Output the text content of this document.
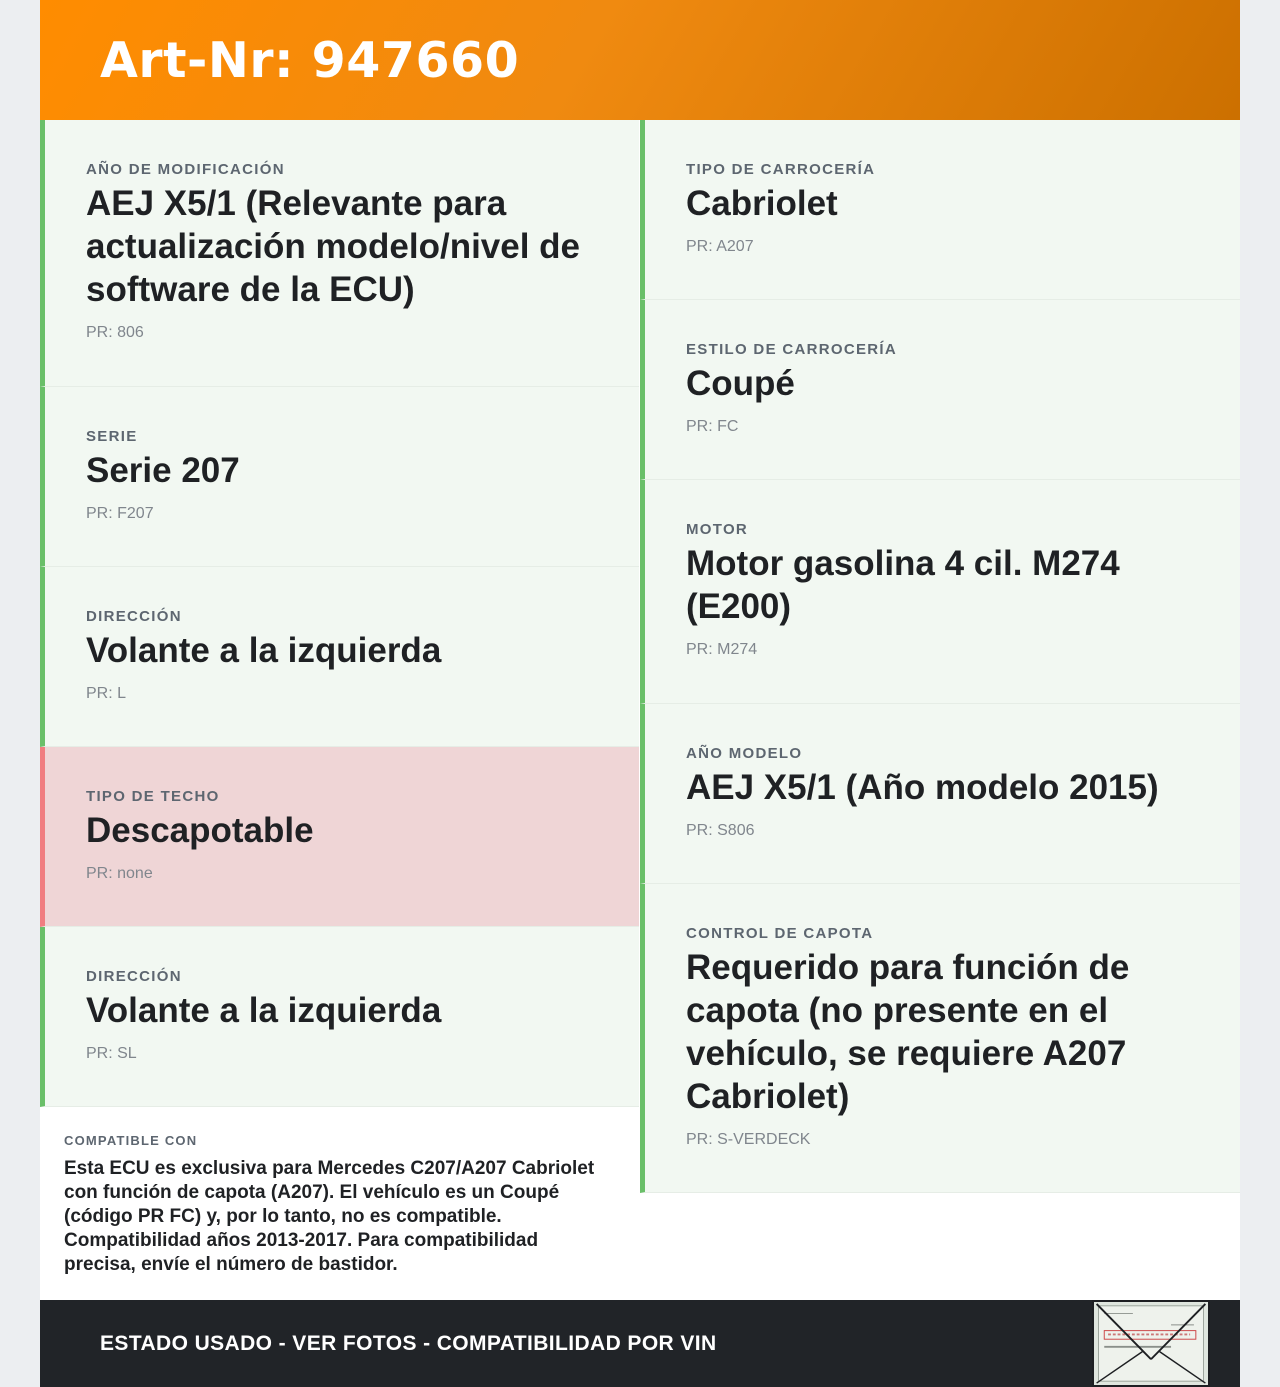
Art-Nr: 947660
AÑO DE MODIFICACIÓN
AEJ X5/1 (Relevante para actualización modelo/nivel de software de la ECU)
PR: 806
SERIE
Serie 207
PR: F207
DIRECCIÓN
Volante a la izquierda
PR: L
TIPO DE TECHO
Descapotable
PR: none
DIRECCIÓN
Volante a la izquierda
PR: SL
COMPATIBLE CON
Esta ECU es exclusiva para Mercedes C207/A207 Cabriolet con función de capota (A207). El vehículo es un Coupé (código PR FC) y, por lo tanto, no es compatible. Compatibilidad años 2013-2017. Para compatibilidad precisa, envíe el número de bastidor.
TIPO DE CARROCERÍA
Cabriolet
PR: A207
ESTILO DE CARROCERÍA
Coupé
PR: FC
MOTOR
Motor gasolina 4 cil. M274 (E200)
PR: M274
AÑO MODELO
AEJ X5/1 (Año modelo 2015)
PR: S806
CONTROL DE CAPOTA
Requerido para función de capota (no presente en el vehículo, se requiere A207 Cabriolet)
PR: S-VERDECK
ESTADO USADO - VER FOTOS - COMPATIBILIDAD POR VIN
